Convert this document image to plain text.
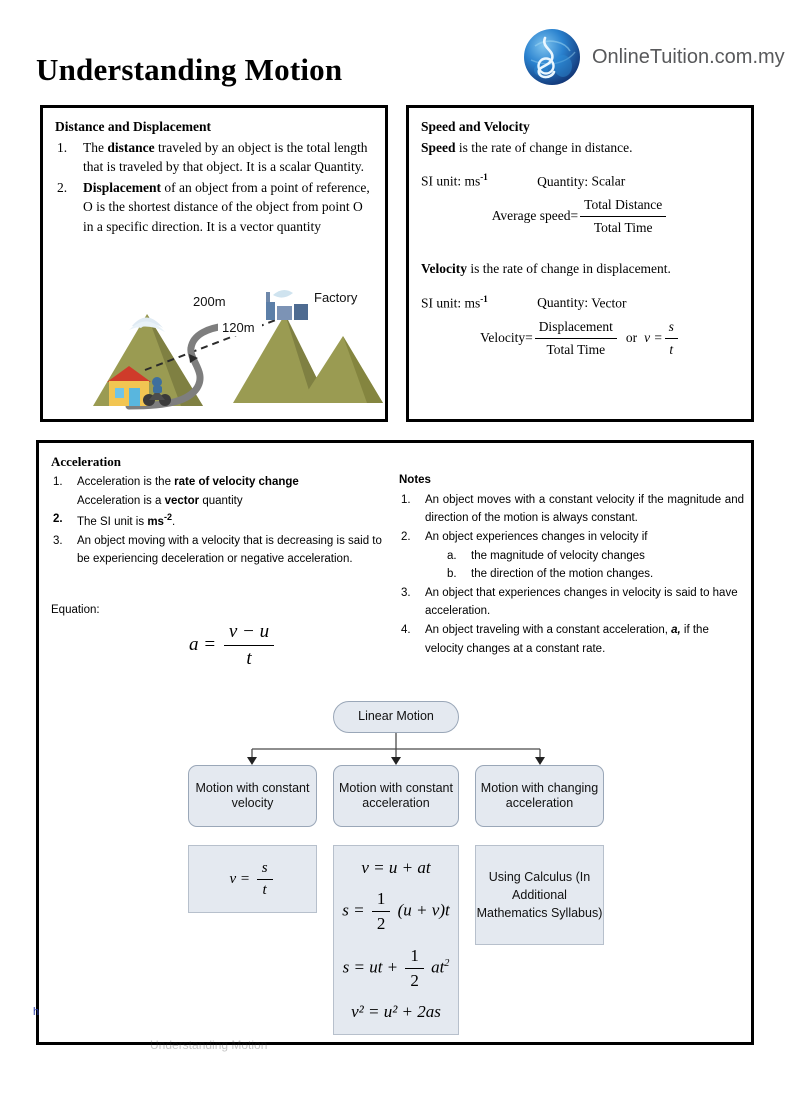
Understanding Motion	OnlineTuition.com.my
Distance and Displacement
1. The distance traveled by an object is the total length that is traveled by that object. It is a scalar Quantity.
2. Displacement of an object from a point of reference, O is the shortest distance of the object from point O in a specific direction. It is a vector quantity
200m
120m
Factory
Speed and Velocity
Speed is the rate of change in distance.
SI unit: $ms^{-1}$	Quantity: Scalar
Average speed= $\frac{\text{Total Distance}}{\text{Total Time}}$
Velocity is the rate of change in displacement.
SI unit: $ms^{-1}$	Quantity: Vector
Velocity= $\frac{\text{Displacement}}{\text{Total Time}}$ or $v = \frac{s}{t}$
Acceleration
1. Acceleration is the rate of velocity change
Acceleration is a vector quantity
2. The SI unit is $ms^{-2}$.
3. An object moving with a velocity that is decreasing is said to be experiencing deceleration or negative acceleration.
Equation:
$a = \frac{v - u}{t}$
Notes
1. An object moves with a constant velocity if the magnitude and direction of the motion is always constant.
2. An object experiences changes in velocity if
a. the magnitude of velocity changes
b. the direction of the motion changes.
3. An object that experiences changes in velocity is said to have acceleration.
4. An object traveling with a constant acceleration, a, if the velocity changes at a constant rate.
Linear Motion
Motion with constant velocity
Motion with constant acceleration
Motion with changing acceleration
$v = \frac{s}{t}$	v = u + at
$s = \frac{1}{2} (u + v)t$
s = ut + $\frac{1}{2} at^2$
v² = u² + 2as
Using Calculus (In Additional Mathematics Syllabus)
h
Understanding Motion
